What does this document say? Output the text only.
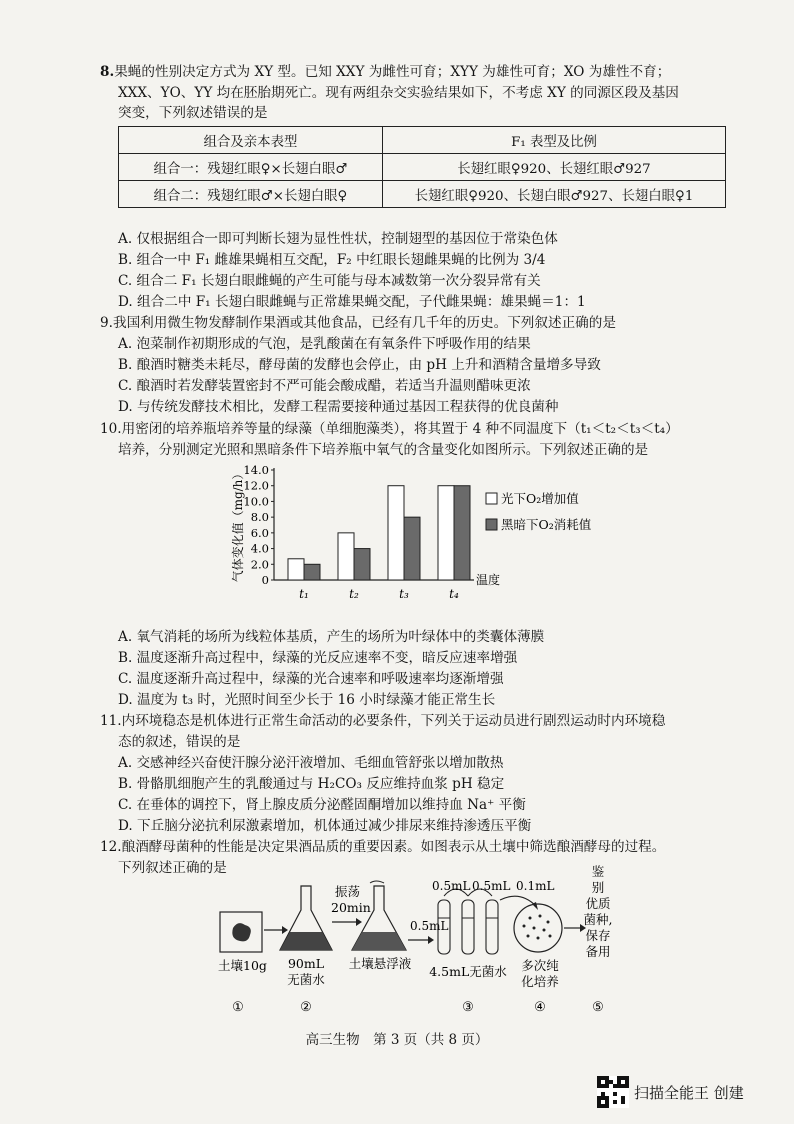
8.果蝇的性别决定方式为 XY 型。已知 XXY 为雌性可育；XYY 为雄性可育；XO 为雄性不育；
XXX、YO、YY 均在胚胎期死亡。现有两组杂交实验结果如下，不考虑 XY 的同源区段及基因
突变，下列叙述错误的是
组合及亲本表型	F₁ 表型及比例
组合一：残翅红眼♀×长翅白眼♂	长翅红眼♀920、长翅红眼♂927
组合二：残翅红眼♂×长翅白眼♀	长翅红眼♀920、长翅白眼♂927、长翅白眼♀1
A. 仅根据组合一即可判断长翅为显性性状，控制翅型的基因位于常染色体
B. 组合一中 F₁ 雌雄果蝇相互交配，F₂ 中红眼长翅雌果蝇的比例为 3/4
C. 组合二 F₁ 长翅白眼雌蝇的产生可能与母本减数第一次分裂异常有关
D. 组合二中 F₁ 长翅白眼雌蝇与正常雄果蝇交配，子代雌果蝇：雄果蝇＝1：1
9.我国利用微生物发酵制作果酒或其他食品，已经有几千年的历史。下列叙述正确的是
A. 泡菜制作初期形成的气泡，是乳酸菌在有氧条件下呼吸作用的结果
B. 酿酒时糖类未耗尽，酵母菌的发酵也会停止，由 pH 上升和酒精含量增多导致
C. 酿酒时若发酵装置密封不严可能会酸成醋，若适当升温则醋味更浓
D. 与传统发酵技术相比，发酵工程需要接种通过基因工程获得的优良菌种
10.用密闭的培养瓶培养等量的绿藻（单细胞藻类），将其置于 4 种不同温度下（t₁＜t₂＜t₃＜t₄）
培养，分别测定光照和黑暗条件下培养瓶中氧气的含量变化如图所示。下列叙述正确的是
0
2.0
4.0
6.0
8.0
10.0
12.0
14.0
气体变化值（mg/h）	温度
t₁	t₂	t₃	t₄
光下O₂增加值
黑暗下O₂消耗值
A. 氧气消耗的场所为线粒体基质，产生的场所为叶绿体中的类囊体薄膜
B. 温度逐渐升高过程中，绿藻的光反应速率不变，暗反应速率增强
C. 温度逐渐升高过程中，绿藻的光合速率和呼吸速率均逐渐增强
D. 温度为 t₃ 时，光照时间至少长于 16 小时绿藻才能正常生长
11.内环境稳态是机体进行正常生命活动的必要条件，下列关于运动员进行剧烈运动时内环境稳
态的叙述，错误的是
A. 交感神经兴奋使汗腺分泌汗液增加、毛细血管舒张以增加散热
B. 骨骼肌细胞产生的乳酸通过与 H₂CO₃ 反应维持血浆 pH 稳定
C. 在垂体的调控下，肾上腺皮质分泌醛固酮增加以维持血 Na⁺ 平衡
D. 下丘脑分泌抗利尿激素增加，机体通过减少排尿来维持渗透压平衡
12.酿酒酵母菌种的性能是决定果酒品质的重要因素。如图表示从土壤中筛选酿酒酵母的过程。
下列叙述正确的是
土壤10g
①
90mL
无菌水
②
振荡
20min
土壤悬浮液
0.5mL
0.5mL 0.5mL
4.5mL无菌水
③
0.1mL
多次纯
化培养
④
鉴
别
优质
菌种,
保存
备用
⑤
高三生物　第 3 页（共 8 页）
扫描全能王 创建
